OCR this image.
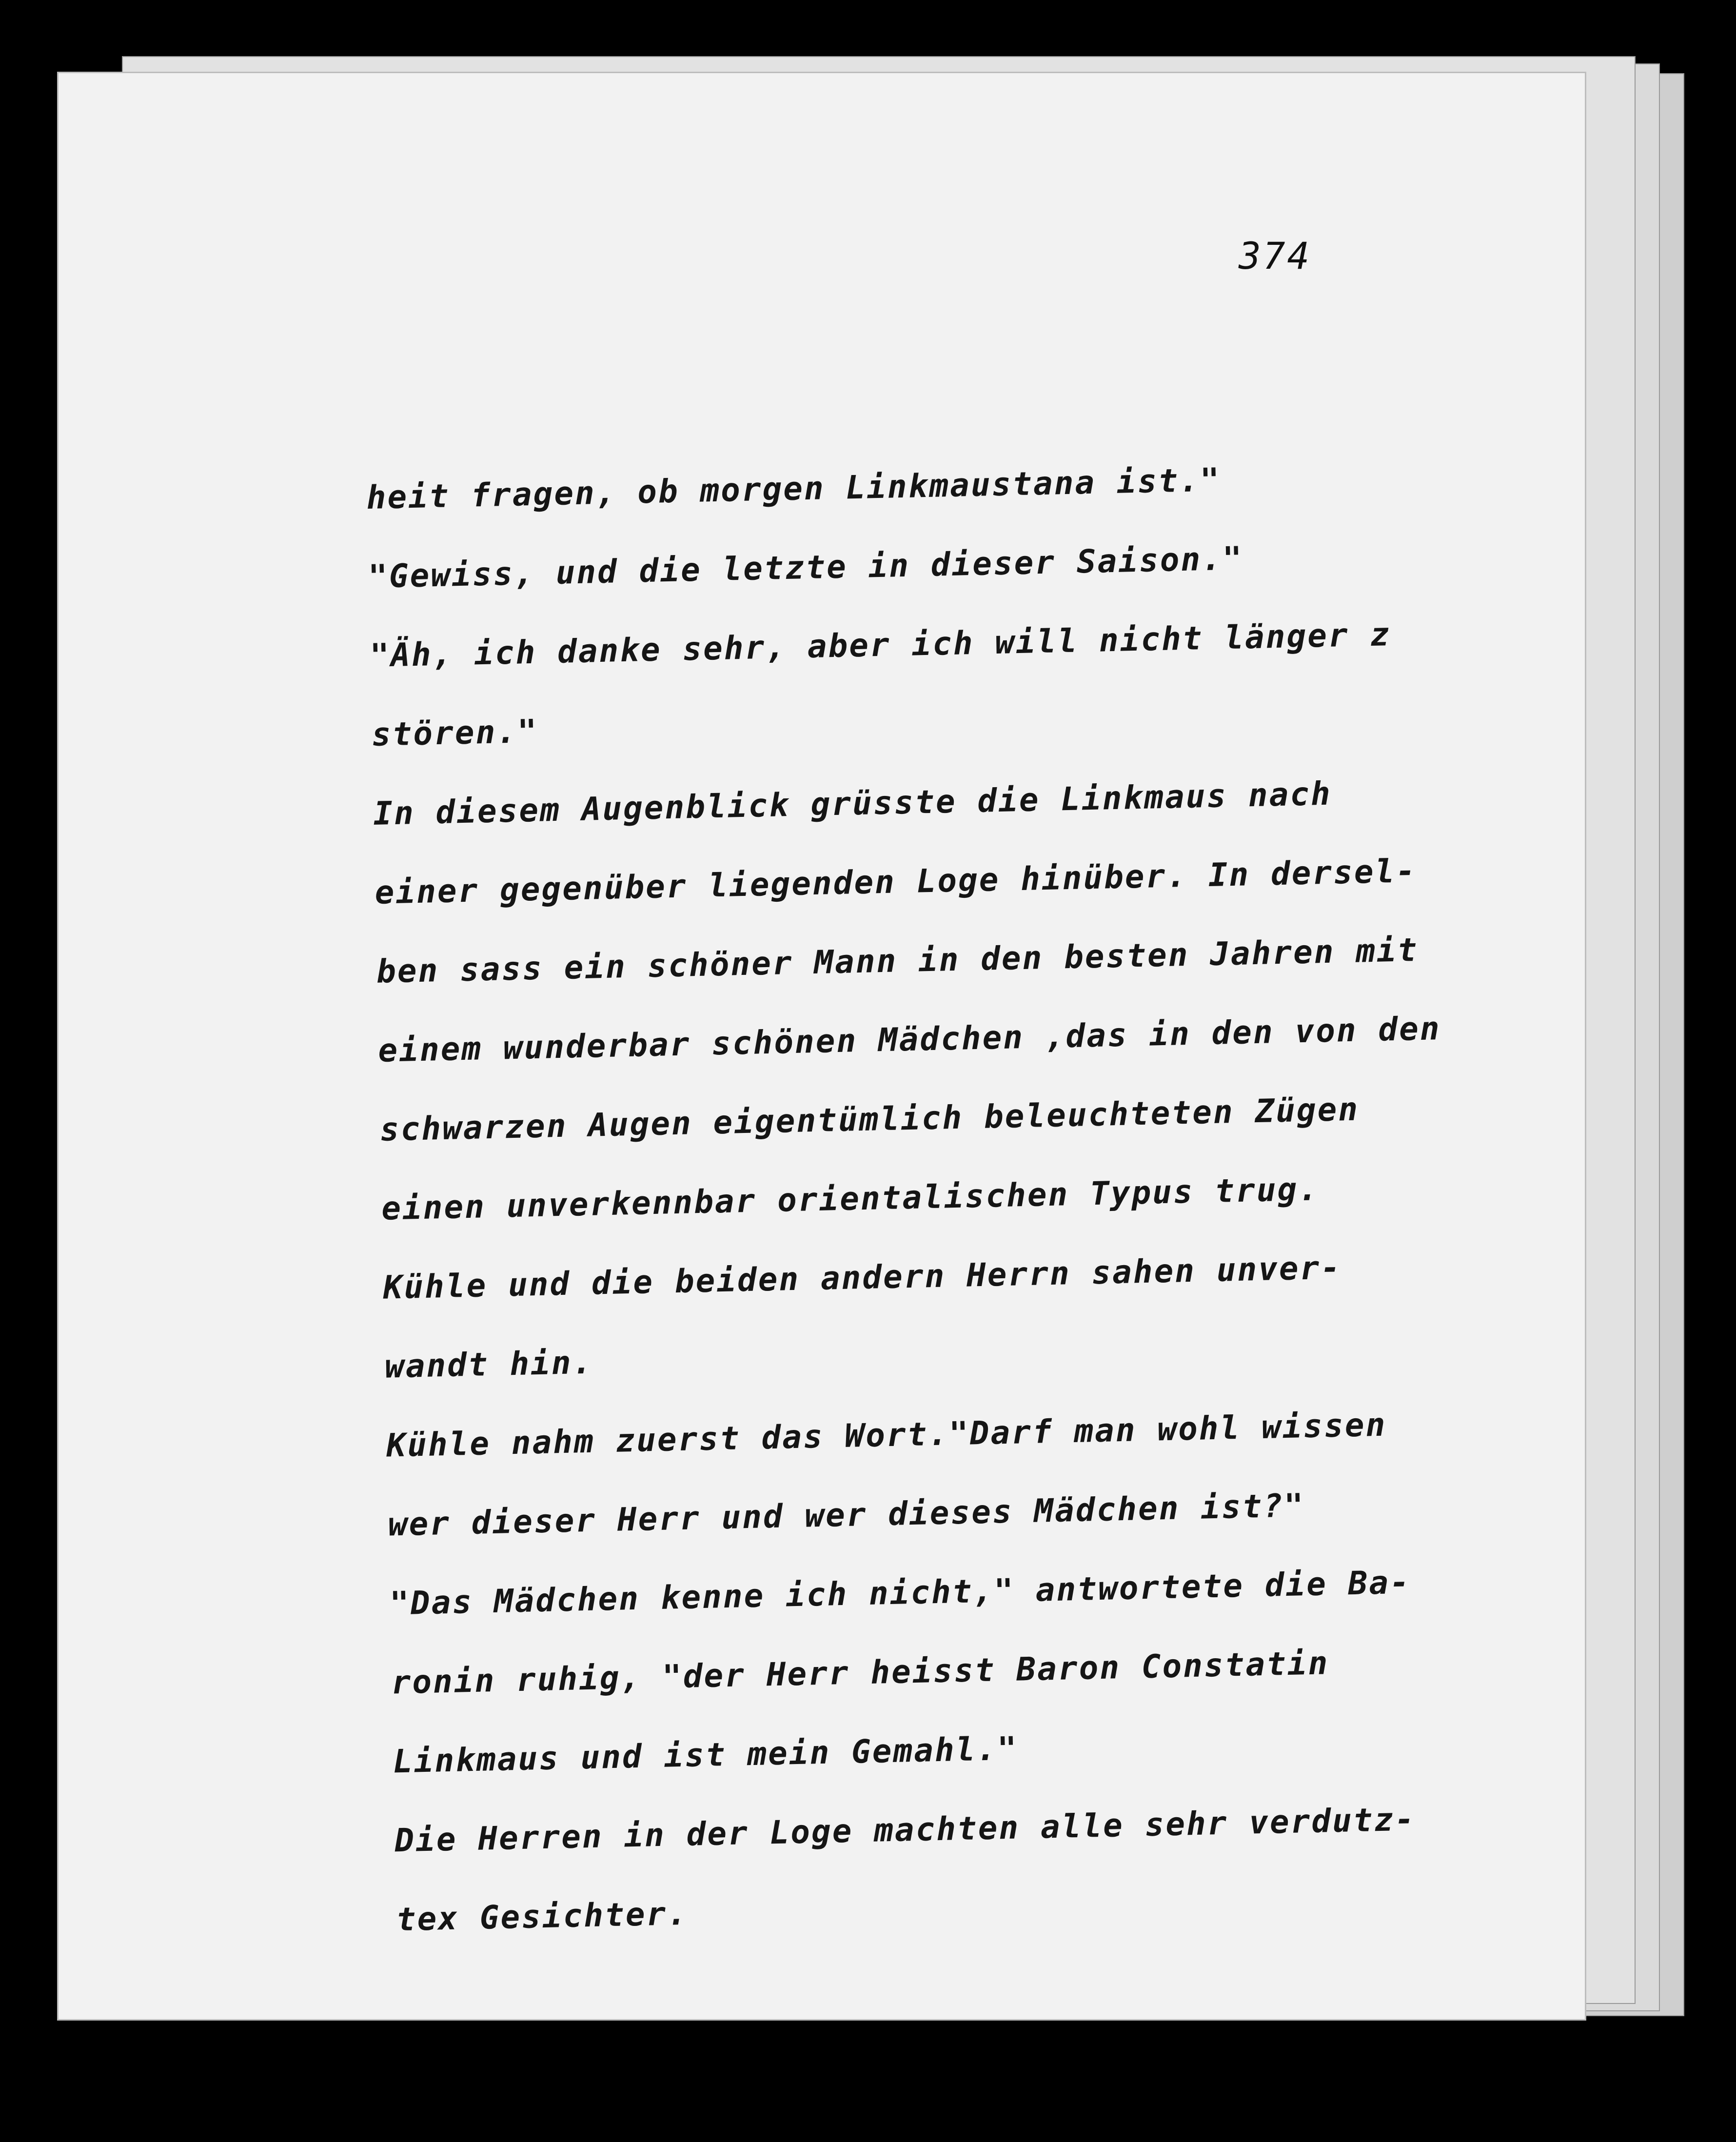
374
heit fragen, ob morgen Linkmaustana ist."
"Gewiss, und die letzte in dieser Saison."
"Äh, ich danke sehr, aber ich will nicht länger z
stören."
In diesem Augenblick grüsste die Linkmaus nach
einer gegenüber liegenden Loge hinüber. In dersel-
ben sass ein schöner Mann in den besten Jahren mit
einem wunderbar schönen Mädchen ,das in den von den
schwarzen Augen eigentümlich beleuchteten Zügen
einen unverkennbar orientalischen Typus trug.
Kühle und die beiden andern Herrn sahen unver-
wandt hin.
Kühle nahm zuerst das Wort."Darf man wohl wissen
wer dieser Herr und wer dieses Mädchen ist?"
"Das Mädchen kenne ich nicht," antwortete die Ba-
ronin ruhig, "der Herr heisst Baron Constatin
Linkmaus und ist mein Gemahl."
Die Herren in der Loge machten alle sehr verdutz-
tex Gesichter.
